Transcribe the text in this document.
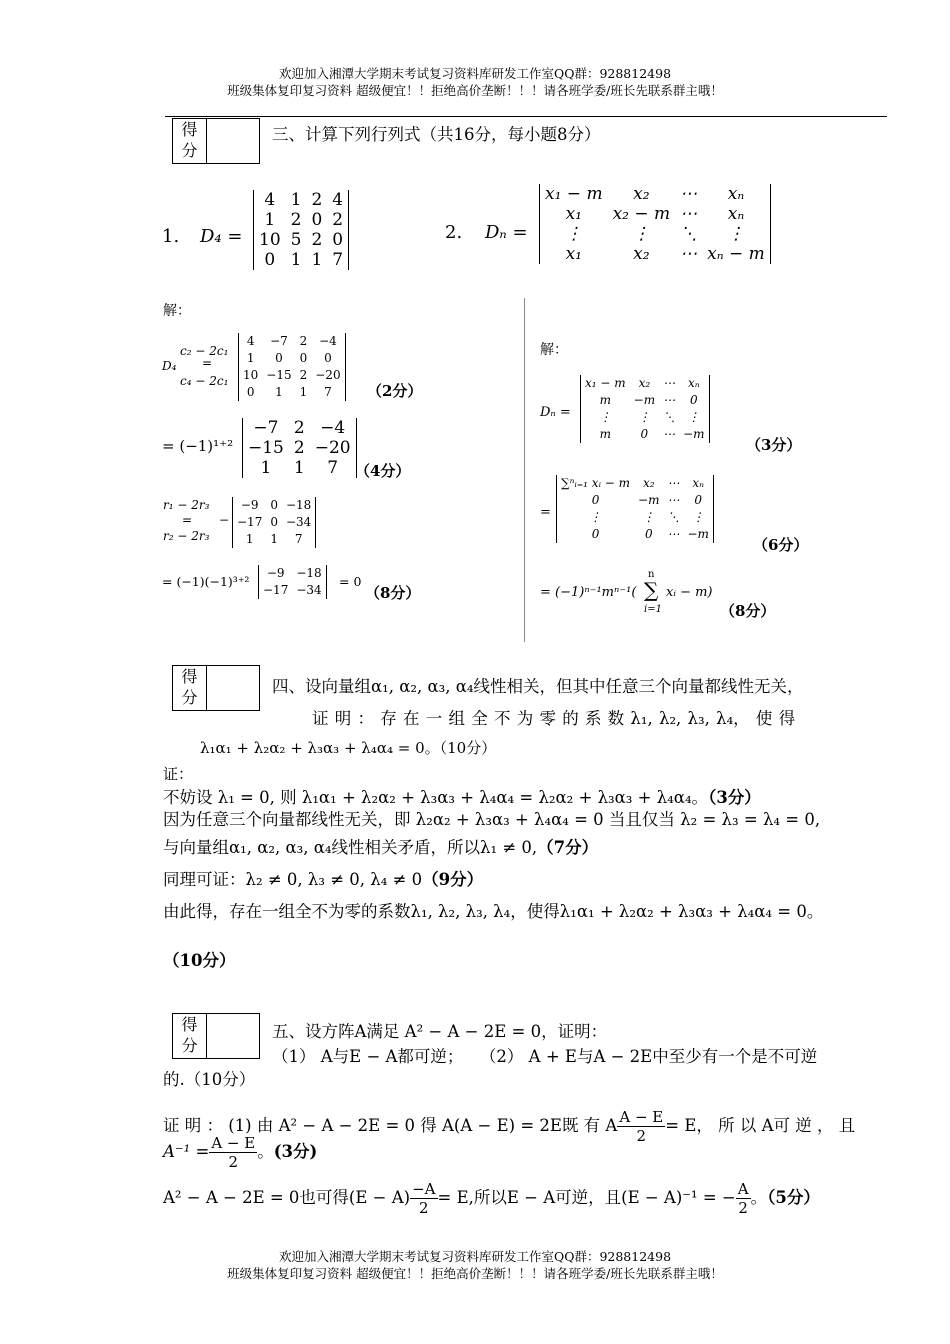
欢迎加入湘潭大学期末考试复习资料库研发工作室QQ群：928812498
班级集体复印复习资料 超级便宜！！拒绝高价垄断！！！请各班学委/班长先联系群主哦！
得
分
三、计算下列行列式（共16分，每小题8分）
1. D₄ =
4	1	2	4
1	2	0	2
10	5	2	0
0	1	1	7
2. Dₙ =
x₁ − m	x₂	⋯	xₙ
x₁	x₂ − m	⋯	xₙ
⋮	⋮	⋱	⋮
x₁	x₂	⋯	xₙ − m
解：
c₂ − 2c₁
D₄ =
c₄ − 2c₁
4	−7	2	−4
1	0	0	0
10	−15	2	−20
0	1	1	7 （2分）
= (−1)¹⁺²
−7	2	−4
−15	2	−20
1	1	7 （4分）
r₁ − 2r₃
= −
r₂ − 2r₃
−9	0	−18
−17	0	−34
1	1	7
= (−1)(−1)³⁺²
−9	−18
−17	−34
= 0
（8分）
解：
Dₙ =
x₁ − m	x₂	⋯	xₙ
m	−m	⋯	0
⋮	⋮	⋱	⋮
m	0	⋯	−m
（3分）
=
∑ⁿᵢ₌₁ xᵢ − m	x₂	⋯	xₙ
0	−m	⋯	0
⋮	⋮	⋱	⋮
0	0	⋯	−m
（6分）
= (−1)ⁿ⁻¹mⁿ⁻¹(
n
∑
i=1
xᵢ − m)
（8分）
得
分
四、设向量组α₁, α₂, α₃, α₄线性相关，但其中任意三个向量都线性无关，
证 明 ： 存 在 一 组 全 不 为 零 的 系 数 λ₁, λ₂, λ₃, λ₄， 使 得
λ₁α₁ + λ₂α₂ + λ₃α₃ + λ₄α₄ = 0。（10分）
证：
不妨设 λ₁ = 0, 则 λ₁α₁ + λ₂α₂ + λ₃α₃ + λ₄α₄ = λ₂α₂ + λ₃α₃ + λ₄α₄。（3分）
因为任意三个向量都线性无关，即 λ₂α₂ + λ₃α₃ + λ₄α₄ = 0 当且仅当 λ₂ = λ₃ = λ₄ = 0,
与向量组α₁, α₂, α₃, α₄线性相关矛盾，所以λ₁ ≠ 0,（7分）
同理可证：λ₂ ≠ 0, λ₃ ≠ 0, λ₄ ≠ 0（9分）
由此得，存在一组全不为零的系数λ₁, λ₂, λ₃, λ₄，使得λ₁α₁ + λ₂α₂ + λ₃α₃ + λ₄α₄ = 0。
（10分）
得
分
五、设方阵A满足 A² − A − 2E = 0，证明：
（1） A与E − A都可逆；　　（2） A + E与A − 2E中至少有一个是不可逆
的.（10分）
证 明 ： (1) 由 A² − A − 2E = 0 得 A(A − E) = 2E既 有 A $\frac{A - E}{2} = E$， 所 以 A可 逆 ， 且
$A^{-1} = \frac{A - E}{2}$ 。(3分)
A² − A − 2E = 0也可得$(E - A) \frac{-A}{2} = E$,所以E − A可逆，且(E − A)⁻¹ = − $\frac{A}{2}$ 。（5分）
欢迎加入湘潭大学期末考试复习资料库研发工作室QQ群：928812498
班级集体复印复习资料 超级便宜！！拒绝高价垄断！！！请各班学委/班长先联系群主哦！
